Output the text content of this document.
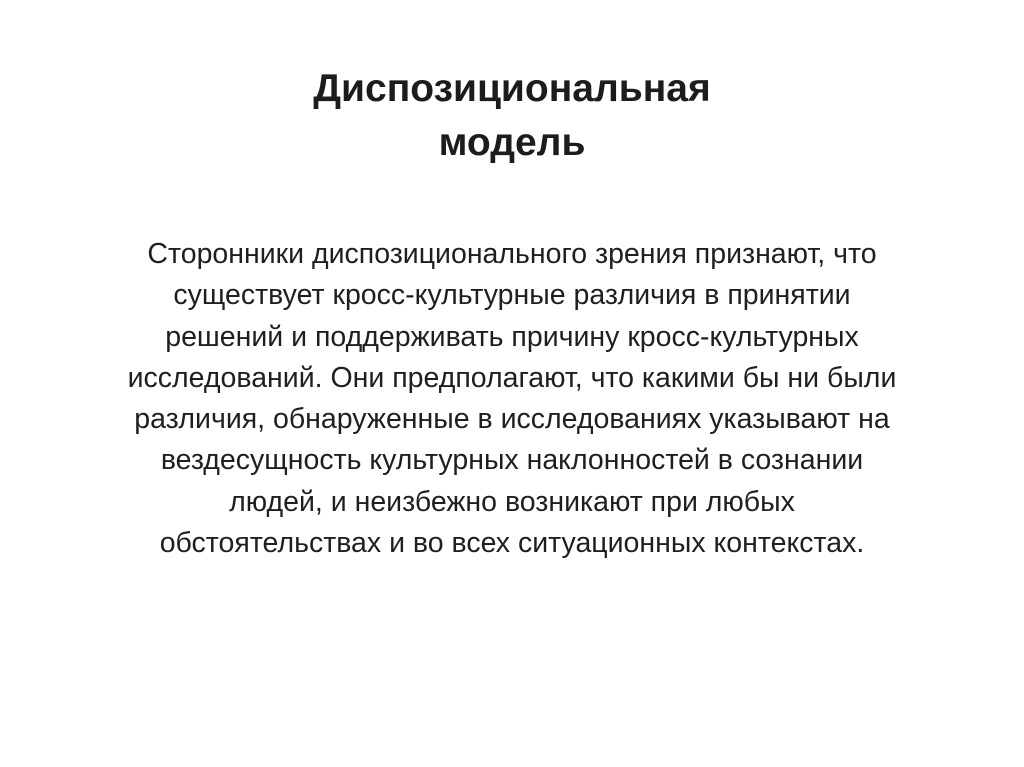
Диспозициональная
модель
Сторонники диспозиционального зрения признают, что
существует кросс-культурные различия в принятии
решений и поддерживать причину кросс-культурных
исследований. Они предполагают, что какими бы ни были
различия, обнаруженные в исследованиях указывают на
вездесущность культурных наклонностей в сознании
людей, и неизбежно возникают при любых
обстоятельствах и во всех ситуационных контекстах.
